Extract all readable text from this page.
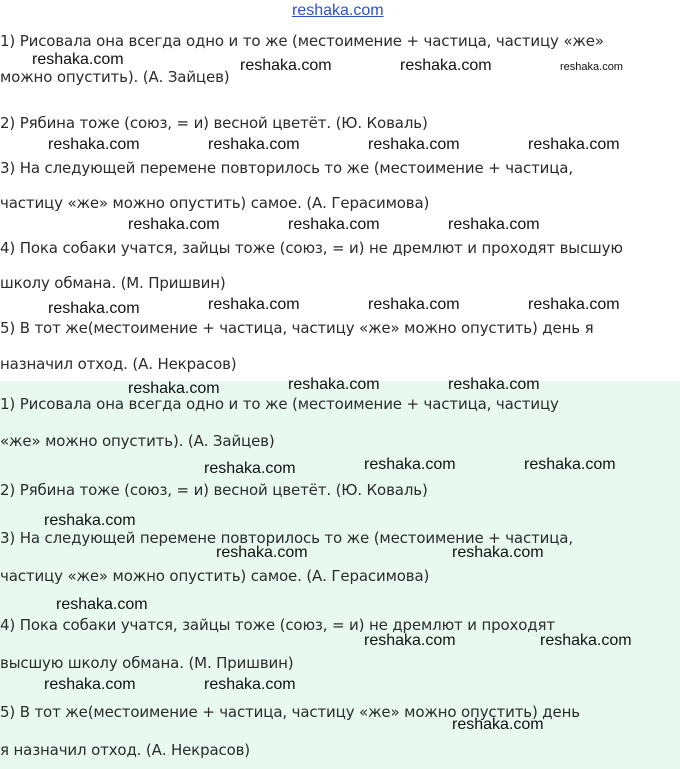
reshaka.com

1) Рисовала она всегда одно и то же (местоимение + частица, частицу «же»

можно опустить). (А. Зайцев)

2) Рябина тоже (союз, = и) весной цветёт. (Ю. Коваль)

3) На следующей перемене повторилось то же (местоимение + частица,

частицу «же» можно опустить) самое. (А. Герасимова)

4) Пока собаки учатся, зайцы тоже (союз, = и) не дремлют и проходят высшую

школу обмана. (М. Пришвин)

5) В тот же(местоимение + частица, частицу «же» можно опустить) день я

назначил отход. (А. Некрасов)

1) Рисовала она всегда одно и то же (местоимение + частица, частицу

«же» можно опустить). (А. Зайцев)

2) Рябина тоже (союз, = и) весной цветёт. (Ю. Коваль)

3) На следующей перемене повторилось то же (местоимение + частица,

частицу «же» можно опустить) самое. (А. Герасимова)

4) Пока собаки учатся, зайцы тоже (союз, = и) не дремлют и проходят

высшую школу обмана. (М. Пришвин)

5) В тот же(местоимение + частица, частицу «же» можно опустить) день

я назначил отход. (А. Некрасов)

reshaka.com	reshaka.com	reshaka.com	reshaka.com
reshaka.com	reshaka.com	reshaka.com	reshaka.com
reshaka.com	reshaka.com	reshaka.com
reshaka.com	reshaka.com	reshaka.com	reshaka.com
reshaka.com	reshaka.com	reshaka.com
reshaka.com	reshaka.com	reshaka.com
reshaka.com
reshaka.com	reshaka.com
reshaka.com
reshaka.com	reshaka.com
reshaka.com	reshaka.com
reshaka.com
